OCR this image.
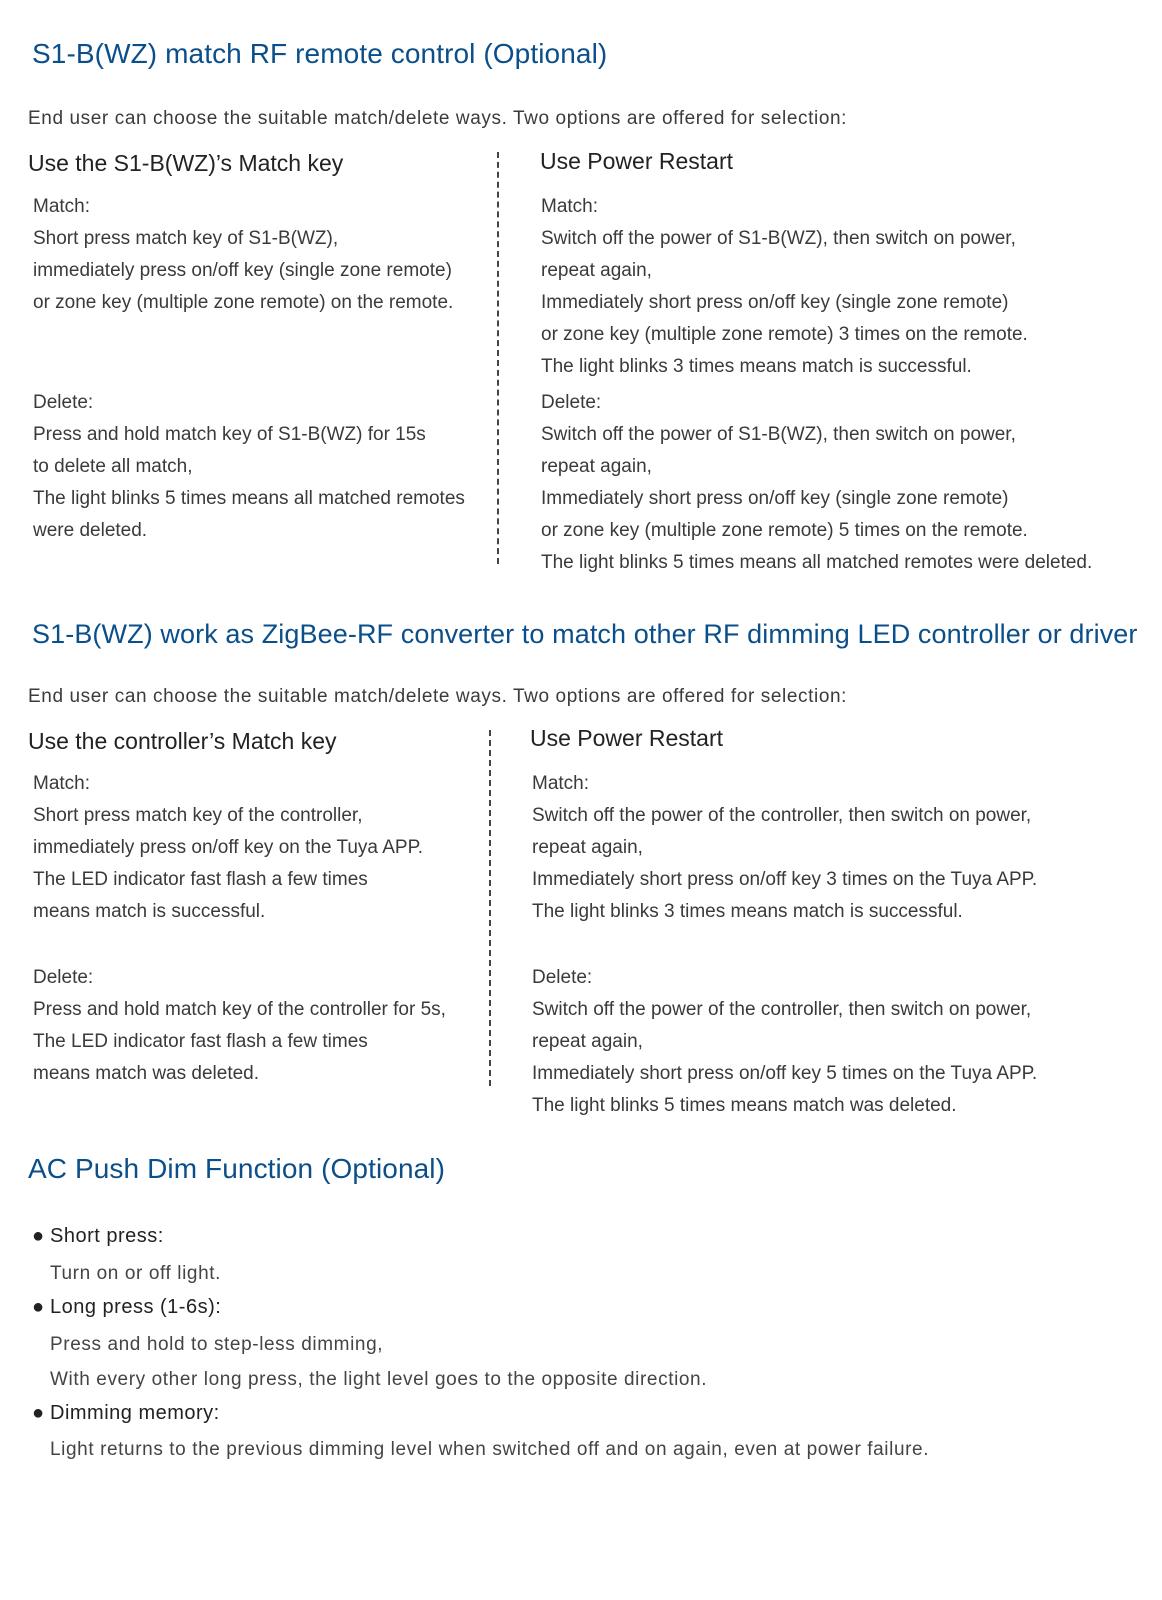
S1-B(WZ) match RF remote control (Optional)
End user can choose the suitable match/delete ways. Two options are offered for selection:
Use the S1-B(WZ)’s Match key	Use Power Restart
Match:
Short press match key of S1-B(WZ),
immediately press on/off key (single zone remote)
or zone key (multiple zone remote) on the remote.
Delete:
Press and hold match key of S1-B(WZ) for 15s
to delete all match,
The light blinks 5 times means all matched remotes
were deleted.
Match:
Switch off the power of S1-B(WZ), then switch on power,
repeat again,
Immediately short press on/off key (single zone remote)
or zone key (multiple zone remote) 3 times on the remote.
The light blinks 3 times means match is successful.
Delete:
Switch off the power of S1-B(WZ), then switch on power,
repeat again,
Immediately short press on/off key (single zone remote)
or zone key (multiple zone remote) 5 times on the remote.
The light blinks 5 times means all matched remotes were deleted.
S1-B(WZ) work as ZigBee-RF converter to match other RF dimming LED controller or driver
End user can choose the suitable match/delete ways. Two options are offered for selection:
Use the controller’s Match key	Use Power Restart
Match:
Short press match key of the controller,
immediately press on/off key on the Tuya APP.
The LED indicator fast flash a few times
means match is successful.
Delete:
Press and hold match key of the controller for 5s,
The LED indicator fast flash a few times
means match was deleted.
Match:
Switch off the power of the controller, then switch on power,
repeat again,
Immediately short press on/off key 3 times on the Tuya APP.
The light blinks 3 times means match is successful.
Delete:
Switch off the power of the controller, then switch on power,
repeat again,
Immediately short press on/off key 5 times on the Tuya APP.
The light blinks 5 times means match was deleted.
AC Push Dim Function (Optional)
● Short press:
Turn on or off light.
● Long press (1-6s):
Press and hold to step-less dimming,
With every other long press, the light level goes to the opposite direction.
● Dimming memory:
Light returns to the previous dimming level when switched off and on again, even at power failure.
